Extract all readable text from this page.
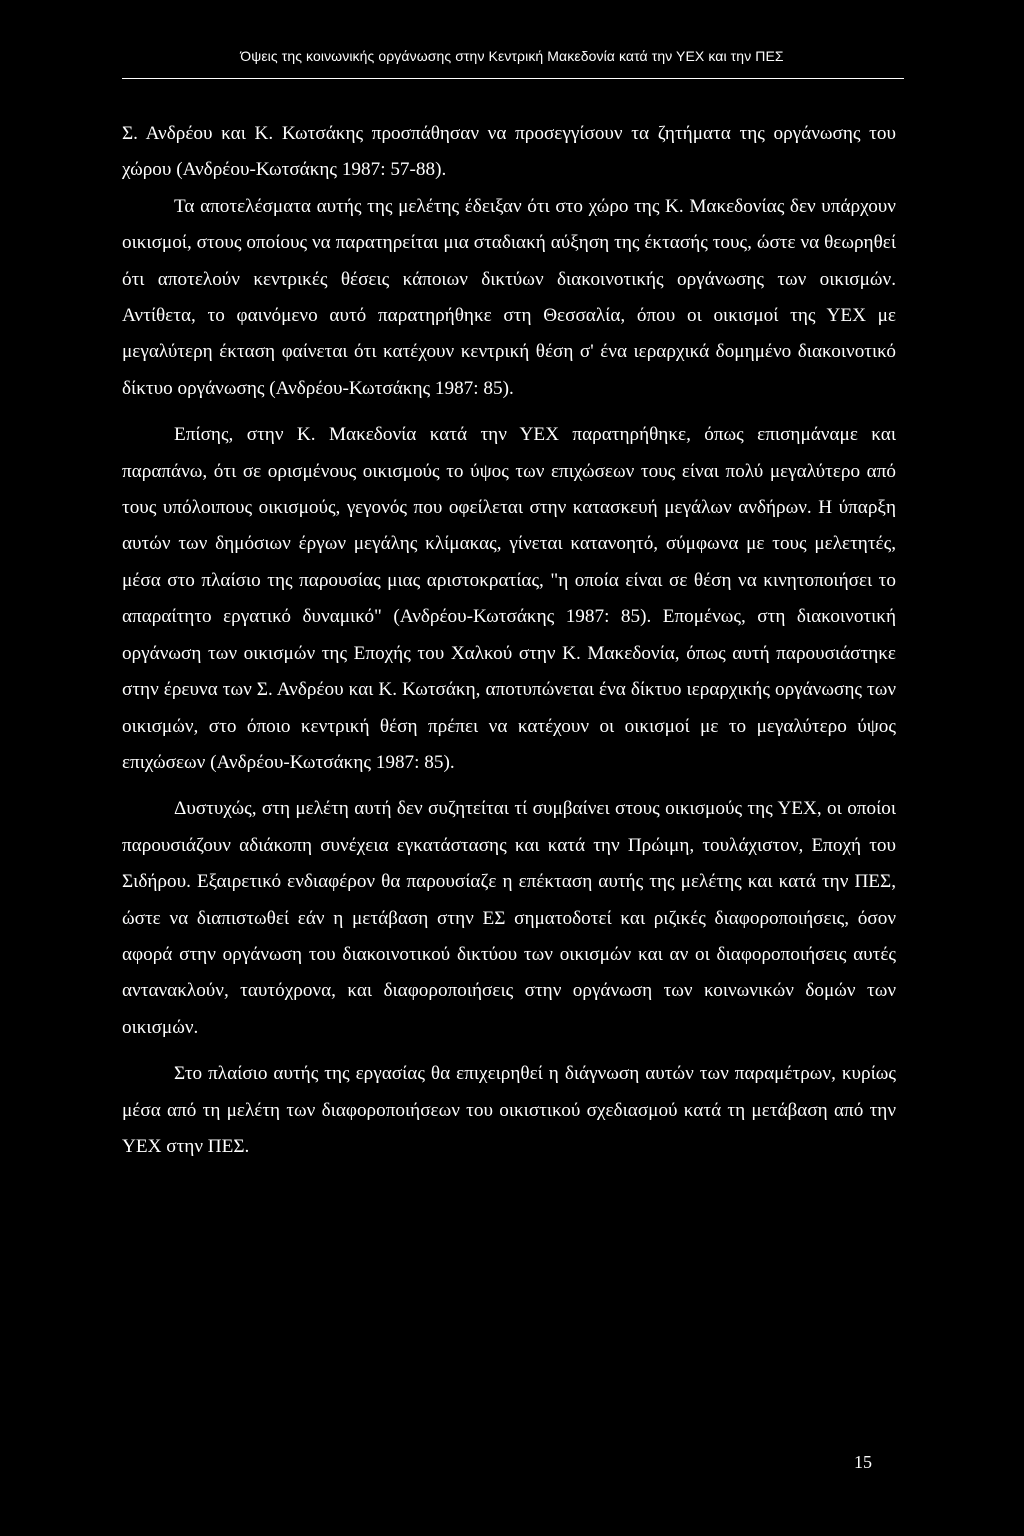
Όψεις της κοινωνικής οργάνωσης στην Κεντρική Μακεδονία κατά την ΥΕΧ και την ΠΕΣ

Σ. Ανδρέου και Κ. Κωτσάκης προσπάθησαν να προσεγγίσουν τα ζητήματα της οργάνωσης του χώρου (Ανδρέου-Κωτσάκης 1987: 57-88).

Τα αποτελέσματα αυτής της μελέτης έδειξαν ότι στο χώρο της Κ. Μακεδονίας δεν υπάρχουν οικισμοί, στους οποίους να παρατηρείται μια σταδιακή αύξηση της έκτασής τους, ώστε να θεωρηθεί ότι αποτελούν κεντρικές θέσεις κάποιων δικτύων διακοινοτικής οργάνωσης των οικισμών. Αντίθετα, το φαινόμενο αυτό παρατηρήθηκε στη Θεσσαλία, όπου οι οικισμοί της ΥΕΧ με μεγαλύτερη έκταση φαίνεται ότι κατέχουν κεντρική θέση σ' ένα ιεραρχικά δομημένο διακοινοτικό δίκτυο οργάνωσης (Ανδρέου-Κωτσάκης 1987: 85).

Επίσης, στην Κ. Μακεδονία κατά την ΥΕΧ παρατηρήθηκε, όπως επισημάναμε και παραπάνω, ότι σε ορισμένους οικισμούς το ύψος των επιχώσεων τους είναι πολύ μεγαλύτερο από τους υπόλοιπους οικισμούς, γεγονός που οφείλεται στην κατασκευή μεγάλων ανδήρων. Η ύπαρξη αυτών των δημόσιων έργων μεγάλης κλίμακας, γίνεται κατανοητό, σύμφωνα με τους μελετητές, μέσα στο πλαίσιο της παρουσίας μιας αριστοκρατίας, "η οποία είναι σε θέση να κινητοποιήσει το απαραίτητο εργατικό δυναμικό" (Ανδρέου-Κωτσάκης 1987: 85). Επομένως, στη διακοινοτική οργάνωση των οικισμών της Εποχής του Χαλκού στην Κ. Μακεδονία, όπως αυτή παρουσιάστηκε στην έρευνα των Σ. Ανδρέου και Κ. Κωτσάκη, αποτυπώνεται ένα δίκτυο ιεραρχικής οργάνωσης των οικισμών, στο όποιο κεντρική θέση πρέπει να κατέχουν οι οικισμοί με το μεγαλύτερο ύψος επιχώσεων (Ανδρέου-Κωτσάκης 1987: 85).

Δυστυχώς, στη μελέτη αυτή δεν συζητείται τί συμβαίνει στους οικισμούς της ΥΕΧ, οι οποίοι παρουσιάζουν αδιάκοπη συνέχεια εγκατάστασης και κατά την Πρώιμη, τουλάχιστον, Εποχή του Σιδήρου. Εξαιρετικό ενδιαφέρον θα παρουσίαζε η επέκταση αυτής της μελέτης και κατά την ΠΕΣ, ώστε να διαπιστωθεί εάν η μετάβαση στην ΕΣ σηματοδοτεί και ριζικές διαφοροποιήσεις, όσον αφορά στην οργάνωση του διακοινοτικού δικτύου των οικισμών και αν οι διαφοροποιήσεις αυτές αντανακλούν, ταυτόχρονα, και διαφοροποιήσεις στην οργάνωση των κοινωνικών δομών των οικισμών.

Στο πλαίσιο αυτής της εργασίας θα επιχειρηθεί η διάγνωση αυτών των παραμέτρων, κυρίως μέσα από τη μελέτη των διαφοροποιήσεων του οικιστικού σχεδιασμού κατά τη μετάβαση από την ΥΕΧ στην ΠΕΣ.

15
